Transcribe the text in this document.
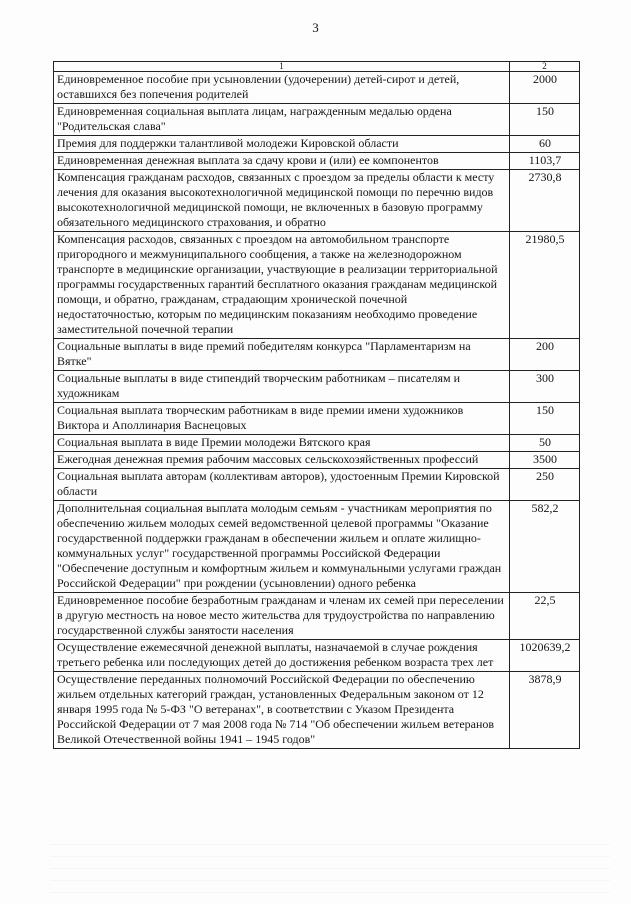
3
1	2
Единовременное пособие при усыновлении (удочерении) детей-сирот и детей, оставшихся без попечения родителей	2000
Единовременная социальная выплата лицам, награжденным медалью ордена "Родительская слава"	150
Премия для поддержки талантливой молодежи Кировской области	60
Единовременная денежная выплата за сдачу крови и (или) ее компонентов	1103,7
Компенсация гражданам расходов, связанных с проездом за пределы области к месту лечения для оказания высокотехнологичной медицинской помощи по перечню видов высокотехнологичной медицинской помощи, не включенных в базовую программу обязательного медицинского страхования, и обратно	2730,8
Компенсация расходов, связанных с проездом на автомобильном транспорте пригородного и межмуниципального сообщения, а также на железнодорожном транспорте в медицинские организации, участвующие в реализации территориальной программы государственных гарантий бесплатного оказания гражданам медицинской помощи, и обратно, гражданам, страдающим хронической почечной недостаточностью, которым по медицинским показаниям необходимо проведение заместительной почечной терапии	21980,5
Социальные выплаты в виде премий победителям конкурса "Парламентаризм на Вятке"	200
Социальные выплаты в виде стипендий творческим работникам – писателям и художникам	300
Социальная выплата творческим работникам в виде премии имени художников Виктора и Аполлинария Васнецовых	150
Социальная выплата в виде Премии молодежи Вятского края	50
Ежегодная денежная премия рабочим массовых сельскохозяйственных профессий	3500
Социальная выплата авторам (коллективам авторов), удостоенным Премии Кировской области	250
Дополнительная социальная выплата молодым семьям - участникам мероприятия по обеспечению жильем молодых семей ведомственной целевой программы "Оказание государственной поддержки гражданам в обеспечении жильем и оплате жилищно-коммунальных услуг" государственной программы Российской Федерации "Обеспечение доступным и комфортным жильем и коммунальными услугами граждан Российской Федерации" при рождении (усыновлении) одного ребенка	582,2
Единовременное пособие безработным гражданам и членам их семей при переселении в другую местность на новое место жительства для трудоустройства по направлению государственной службы занятости населения	22,5
Осуществление ежемесячной денежной выплаты, назначаемой в случае рождения третьего ребенка или последующих детей до достижения ребенком возраста трех лет	1020639,2
Осуществление переданных полномочий Российской Федерации по обеспечению жильем отдельных категорий граждан, установленных Федеральным законом от 12 января 1995 года № 5-ФЗ "О ветеранах", в соответствии с Указом Президента Российской Федерации от 7 мая 2008 года № 714 "Об обеспечении жильем ветеранов Великой Отечественной войны 1941 – 1945 годов"	3878,9
